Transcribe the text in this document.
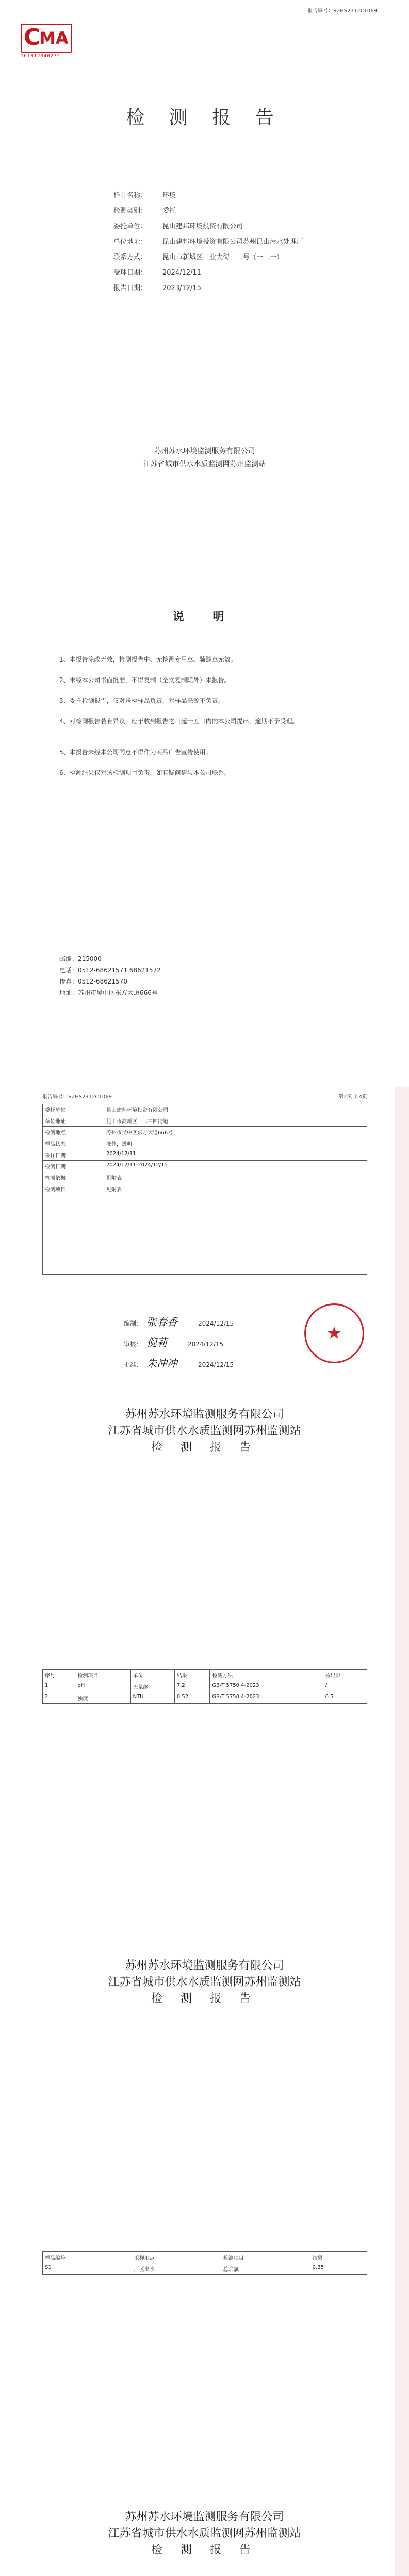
报告编号：SZHS2312C1069
C
MA
161012340275
检 测 报 告
样品名称： 环境
检测类别： 委托
委托单位： 昆山建邦环境投资有限公司
单位地址： 昆山建邦环境投资有限公司苏州昆山污水处理厂
联系方式： 昆山市新城区工业大街十二号（一二一）
受理日期： 2024/12/11
报告日期： 2023/12/15
苏州苏水环境监测服务有限公司
江苏省城市供水水质监测网苏州监测站
说 明
1、本报告涂改无效，检测报告中、无检测专用章、骑缝章无效。
2、未经本公司书面批准，不得复制（全文复制除外）本报告。
3、委托检测报告，仅对送检样品负责，对样品来源不负责。
4、对检测报告若有异议，应于收到报告之日起十五日内向本公司提出，逾期不予受理。
5、本报告未经本公司同意不得作为商品广告宣传使用。
6、检测结果仅对该检测项目负责，如有疑问请与本公司联系。
邮编：215000
电话：0512-68621571 68621572
传真：0512-68621570
地址：苏州市吴中区东方大道666号
报告编号：SZHS2312C1069	第2页 共4页
委托单位	昆山建邦环境投资有限公司
单位地址	昆山市高新区一二三四街道
检测地点	苏州市吴中区东方大道666号
样品状态	液体，透明
采样日期	2024/12/11
检测日期	2024/12/11-2024/12/15
检测依据	见附表
检测项目	见附表
编制： 张春香	2024/12/15
审核： 倪莉	2024/12/15
批准： 朱冲冲	2024/12/15
★
苏州苏水环境监测服务有限公司
江苏省城市供水水质监测网苏州监测站
检 测 报 告
序号	检测项目	单位	结果	检测方法	检出限
1	pH	无量纲	7.2	GB/T 5750.4-2023	/
2	浊度	NTU	0.52	GB/T 5750.4-2023	0.5
苏州苏水环境监测服务有限公司
江苏省城市供水水质监测网苏州监测站
检 测 报 告
样品编号	采样地点	检测项目	结果
S1	厂区出水	总余氯	0.35
苏州苏水环境监测服务有限公司
江苏省城市供水水质监测网苏州监测站
检 测 报 告
